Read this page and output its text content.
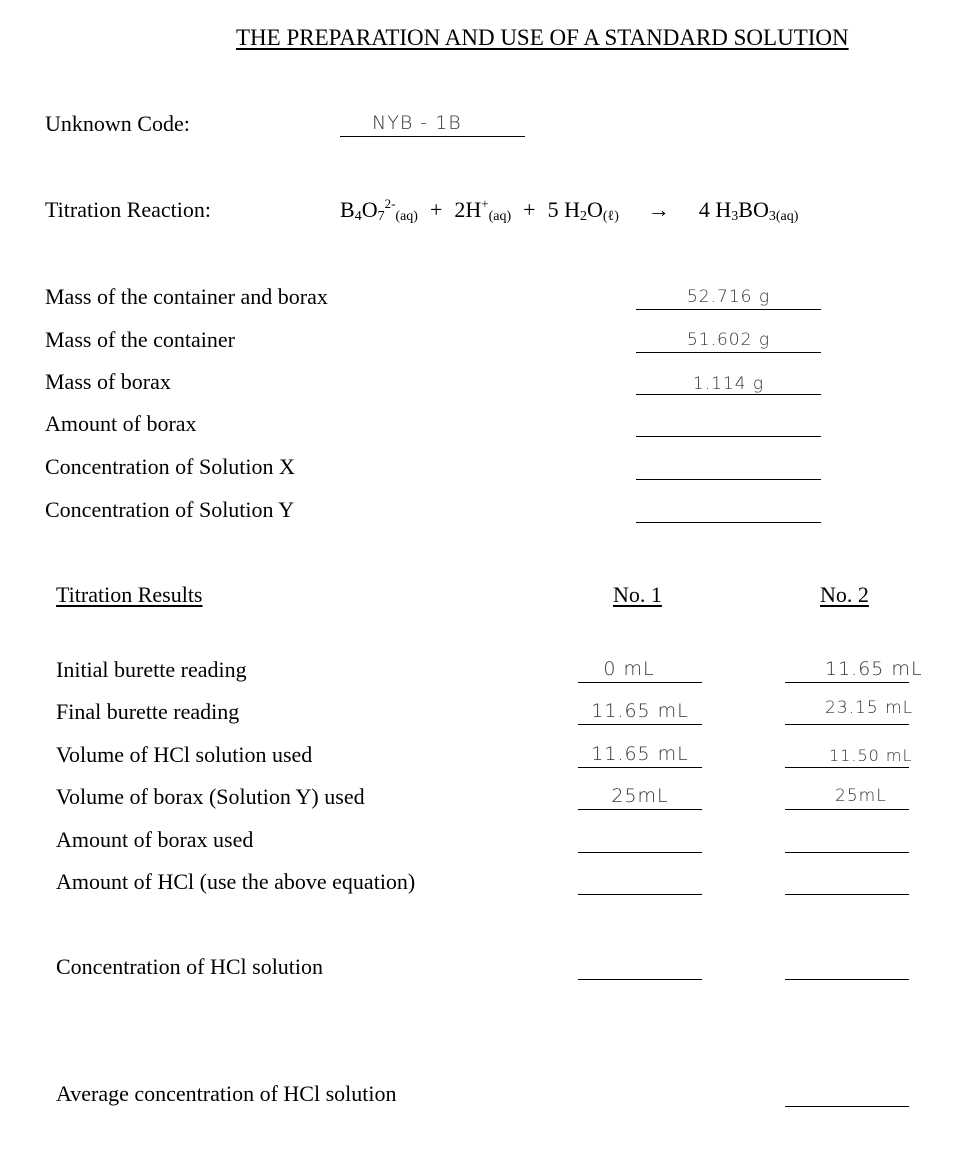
THE PREPARATION AND USE OF A STANDARD SOLUTION
Unknown Code:	NYB - 1B
Titration Reaction:	$B_4O_7^{2-}_{(aq)} + 2H^+_{(aq)} + 5$ $H_2O_{(\ell)} \to 4$ $H_3BO_{3(aq)}$
Mass of the container and borax	52.716 g
Mass of the container	51.602 g
Mass of borax	1.114 g
Amount of borax
Concentration of Solution X
Concentration of Solution Y
Titration Results	No. 1	No. 2
Initial burette reading	0 mL	11.65 mL
Final burette reading	11.65 mL	23.15 mL
Volume of HCl solution used	11.65 mL	11.50 mL
Volume of borax (Solution Y) used	25mL	25mL
Amount of borax used
Amount of HCl (use the above equation)
Concentration of HCl solution
Average concentration of HCl solution
